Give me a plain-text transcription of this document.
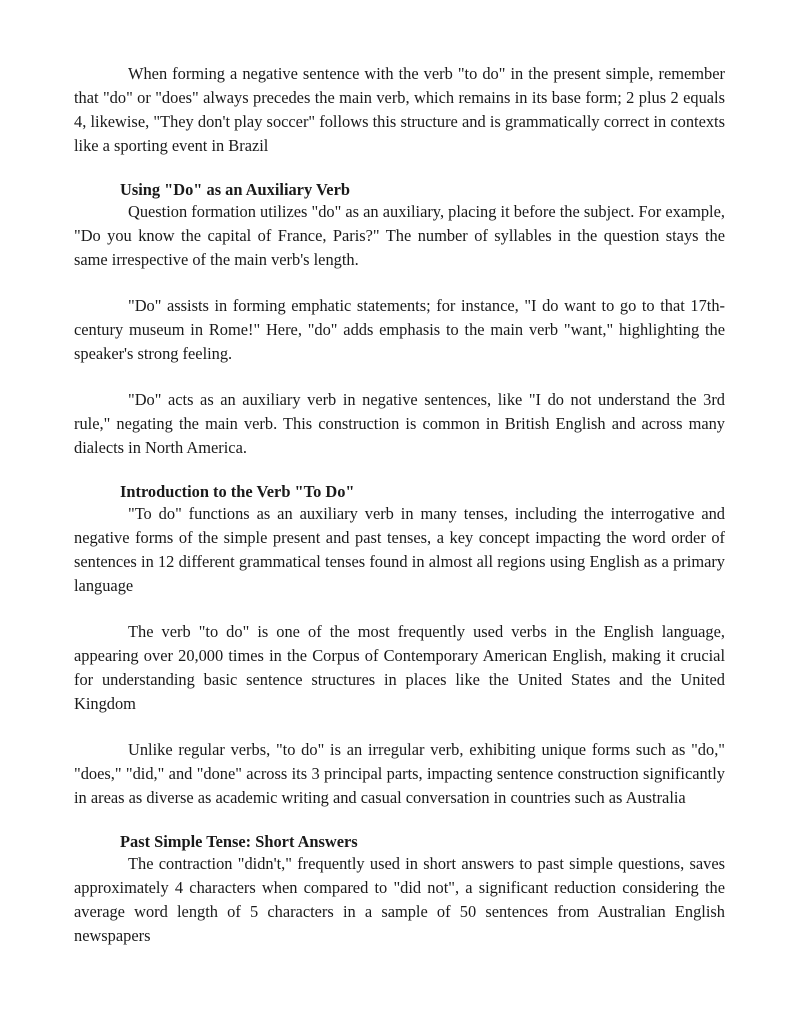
When forming a negative sentence with the verb "to do" in the present simple, remember that "do" or "does" always precedes the main verb, which remains in its base form; 2 plus 2 equals 4, likewise, "They don't play soccer" follows this structure and is grammatically correct in contexts like a sporting event in Brazil

Using "Do" as an Auxiliary Verb

Question formation utilizes "do" as an auxiliary, placing it before the subject. For example, "Do you know the capital of France, Paris?" The number of syllables in the question stays the same irrespective of the main verb's length.

"Do" assists in forming emphatic statements; for instance, "I do want to go to that 17th-century museum in Rome!" Here, "do" adds emphasis to the main verb "want," highlighting the speaker's strong feeling.

"Do" acts as an auxiliary verb in negative sentences, like "I do not understand the 3rd rule," negating the main verb. This construction is common in British English and across many dialects in North America.

Introduction to the Verb "To Do"

"To do" functions as an auxiliary verb in many tenses, including the interrogative and negative forms of the simple present and past tenses, a key concept impacting the word order of sentences in 12 different grammatical tenses found in almost all regions using English as a primary language

The verb "to do" is one of the most frequently used verbs in the English language, appearing over 20,000 times in the Corpus of Contemporary American English, making it crucial for understanding basic sentence structures in places like the United States and the United Kingdom

Unlike regular verbs, "to do" is an irregular verb, exhibiting unique forms such as "do," "does," "did," and "done" across its 3 principal parts, impacting sentence construction significantly in areas as diverse as academic writing and casual conversation in countries such as Australia

Past Simple Tense: Short Answers

The contraction "didn't," frequently used in short answers to past simple questions, saves approximately 4 characters when compared to "did not", a significant reduction considering the average word length of 5 characters in a sample of 50 sentences from Australian English newspapers
